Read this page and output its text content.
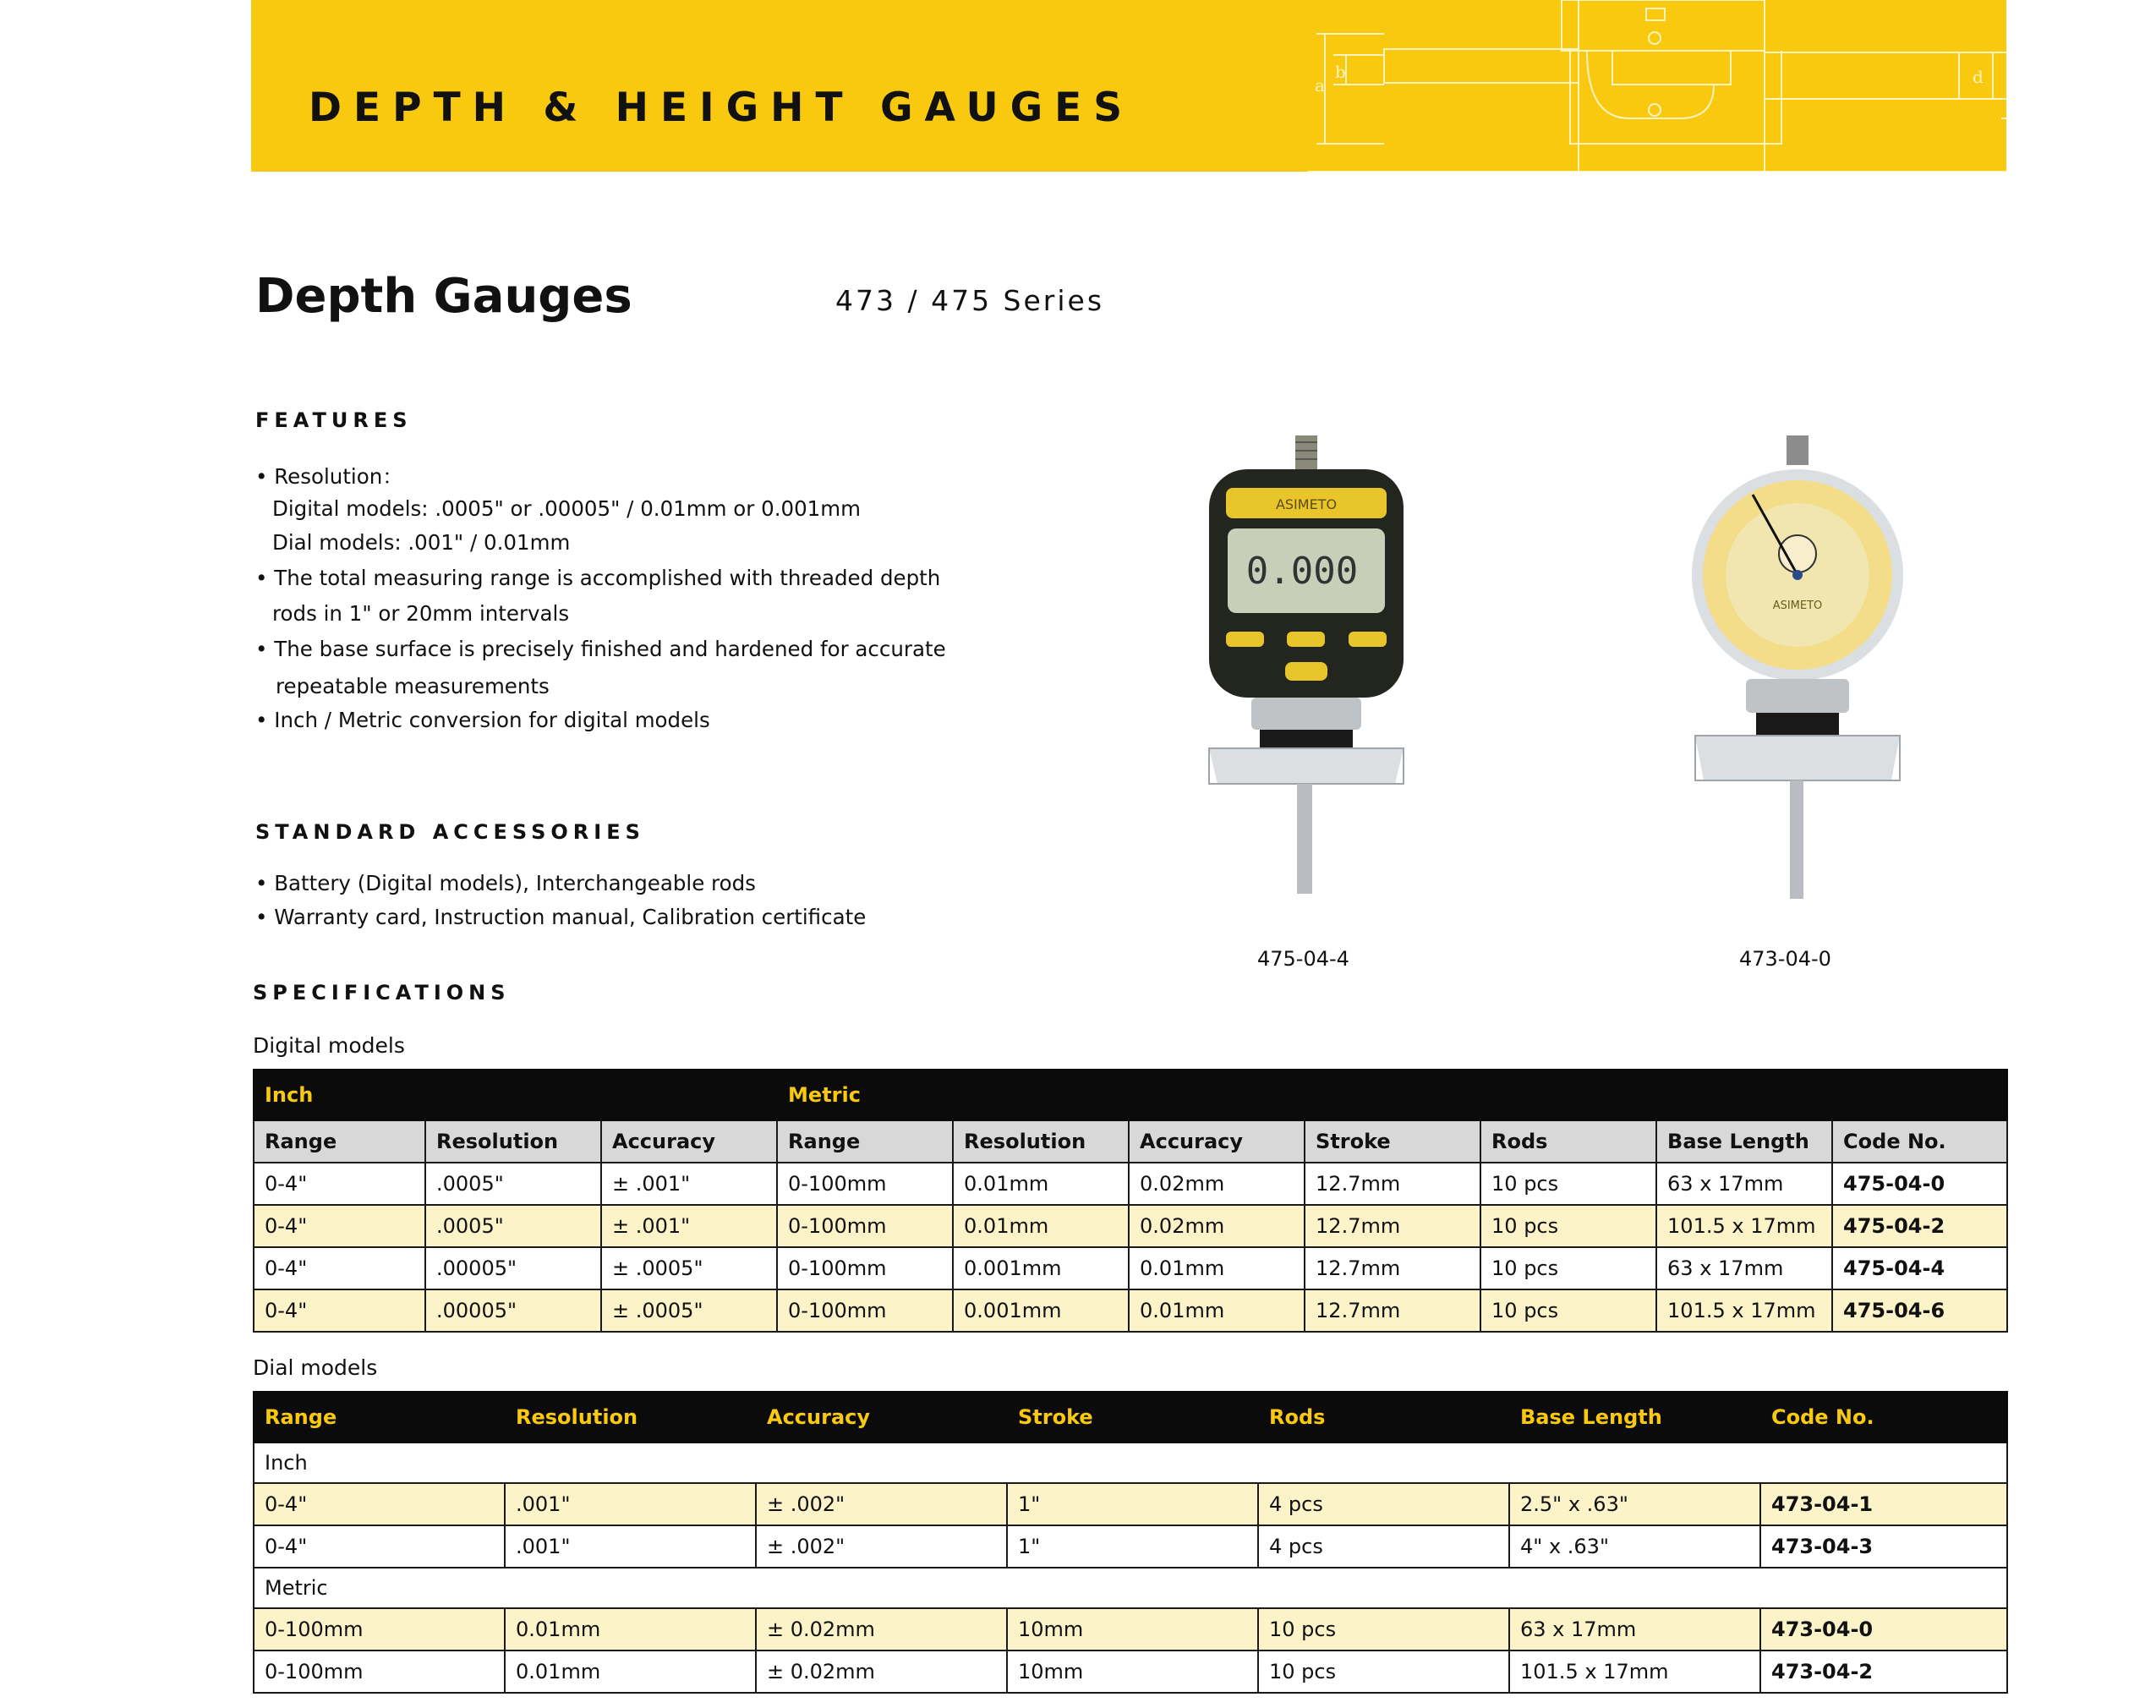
DEPTH & HEIGHT GAUGES	a
b	d
Depth Gauges	473 / 475 Series
FEATURES
• Resolution：
Digital models: .0005" or .00005" / 0.01mm or 0.001mm
Dial models: .001" / 0.01mm
• The total measuring range is accomplished with threaded depth
rods in 1" or 20mm intervals
• The base surface is precisely finished and hardened for accurate
repeatable measurements
• Inch / Metric conversion for digital models
STANDARD ACCESSORIES
• Battery (Digital models), Interchangeable rods
• Warranty card, Instruction manual, Calibration certificate
ASIMETO
0.000
475-04-4
ASIMETO
473-04-0
SPECIFICATIONS
Digital models
Inch			Metric						
Range	Resolution	Accuracy	Range	Resolution	Accuracy	Stroke	Rods	Base Length	Code No.
0-4"	.0005"	± .001"	0-100mm	0.01mm	0.02mm	12.7mm	10 pcs	63 x 17mm	475-04-0
0-4"	.0005"	± .001"	0-100mm	0.01mm	0.02mm	12.7mm	10 pcs	101.5 x 17mm	475-04-2
0-4"	.00005"	± .0005"	0-100mm	0.001mm	0.01mm	12.7mm	10 pcs	63 x 17mm	475-04-4
0-4"	.00005"	± .0005"	0-100mm	0.001mm	0.01mm	12.7mm	10 pcs	101.5 x 17mm	475-04-6
Dial models
Range	Resolution	Accuracy	Stroke	Rods	Base Length	Code No.
Inch						
0-4"	.001"	± .002"	1"	4 pcs	2.5" x .63"	473-04-1
0-4"	.001"	± .002"	1"	4 pcs	4" x .63"	473-04-3
Metric						
0-100mm	0.01mm	± 0.02mm	10mm	10 pcs	63 x 17mm	473-04-0
0-100mm	0.01mm	± 0.02mm	10mm	10 pcs	101.5 x 17mm	473-04-2
